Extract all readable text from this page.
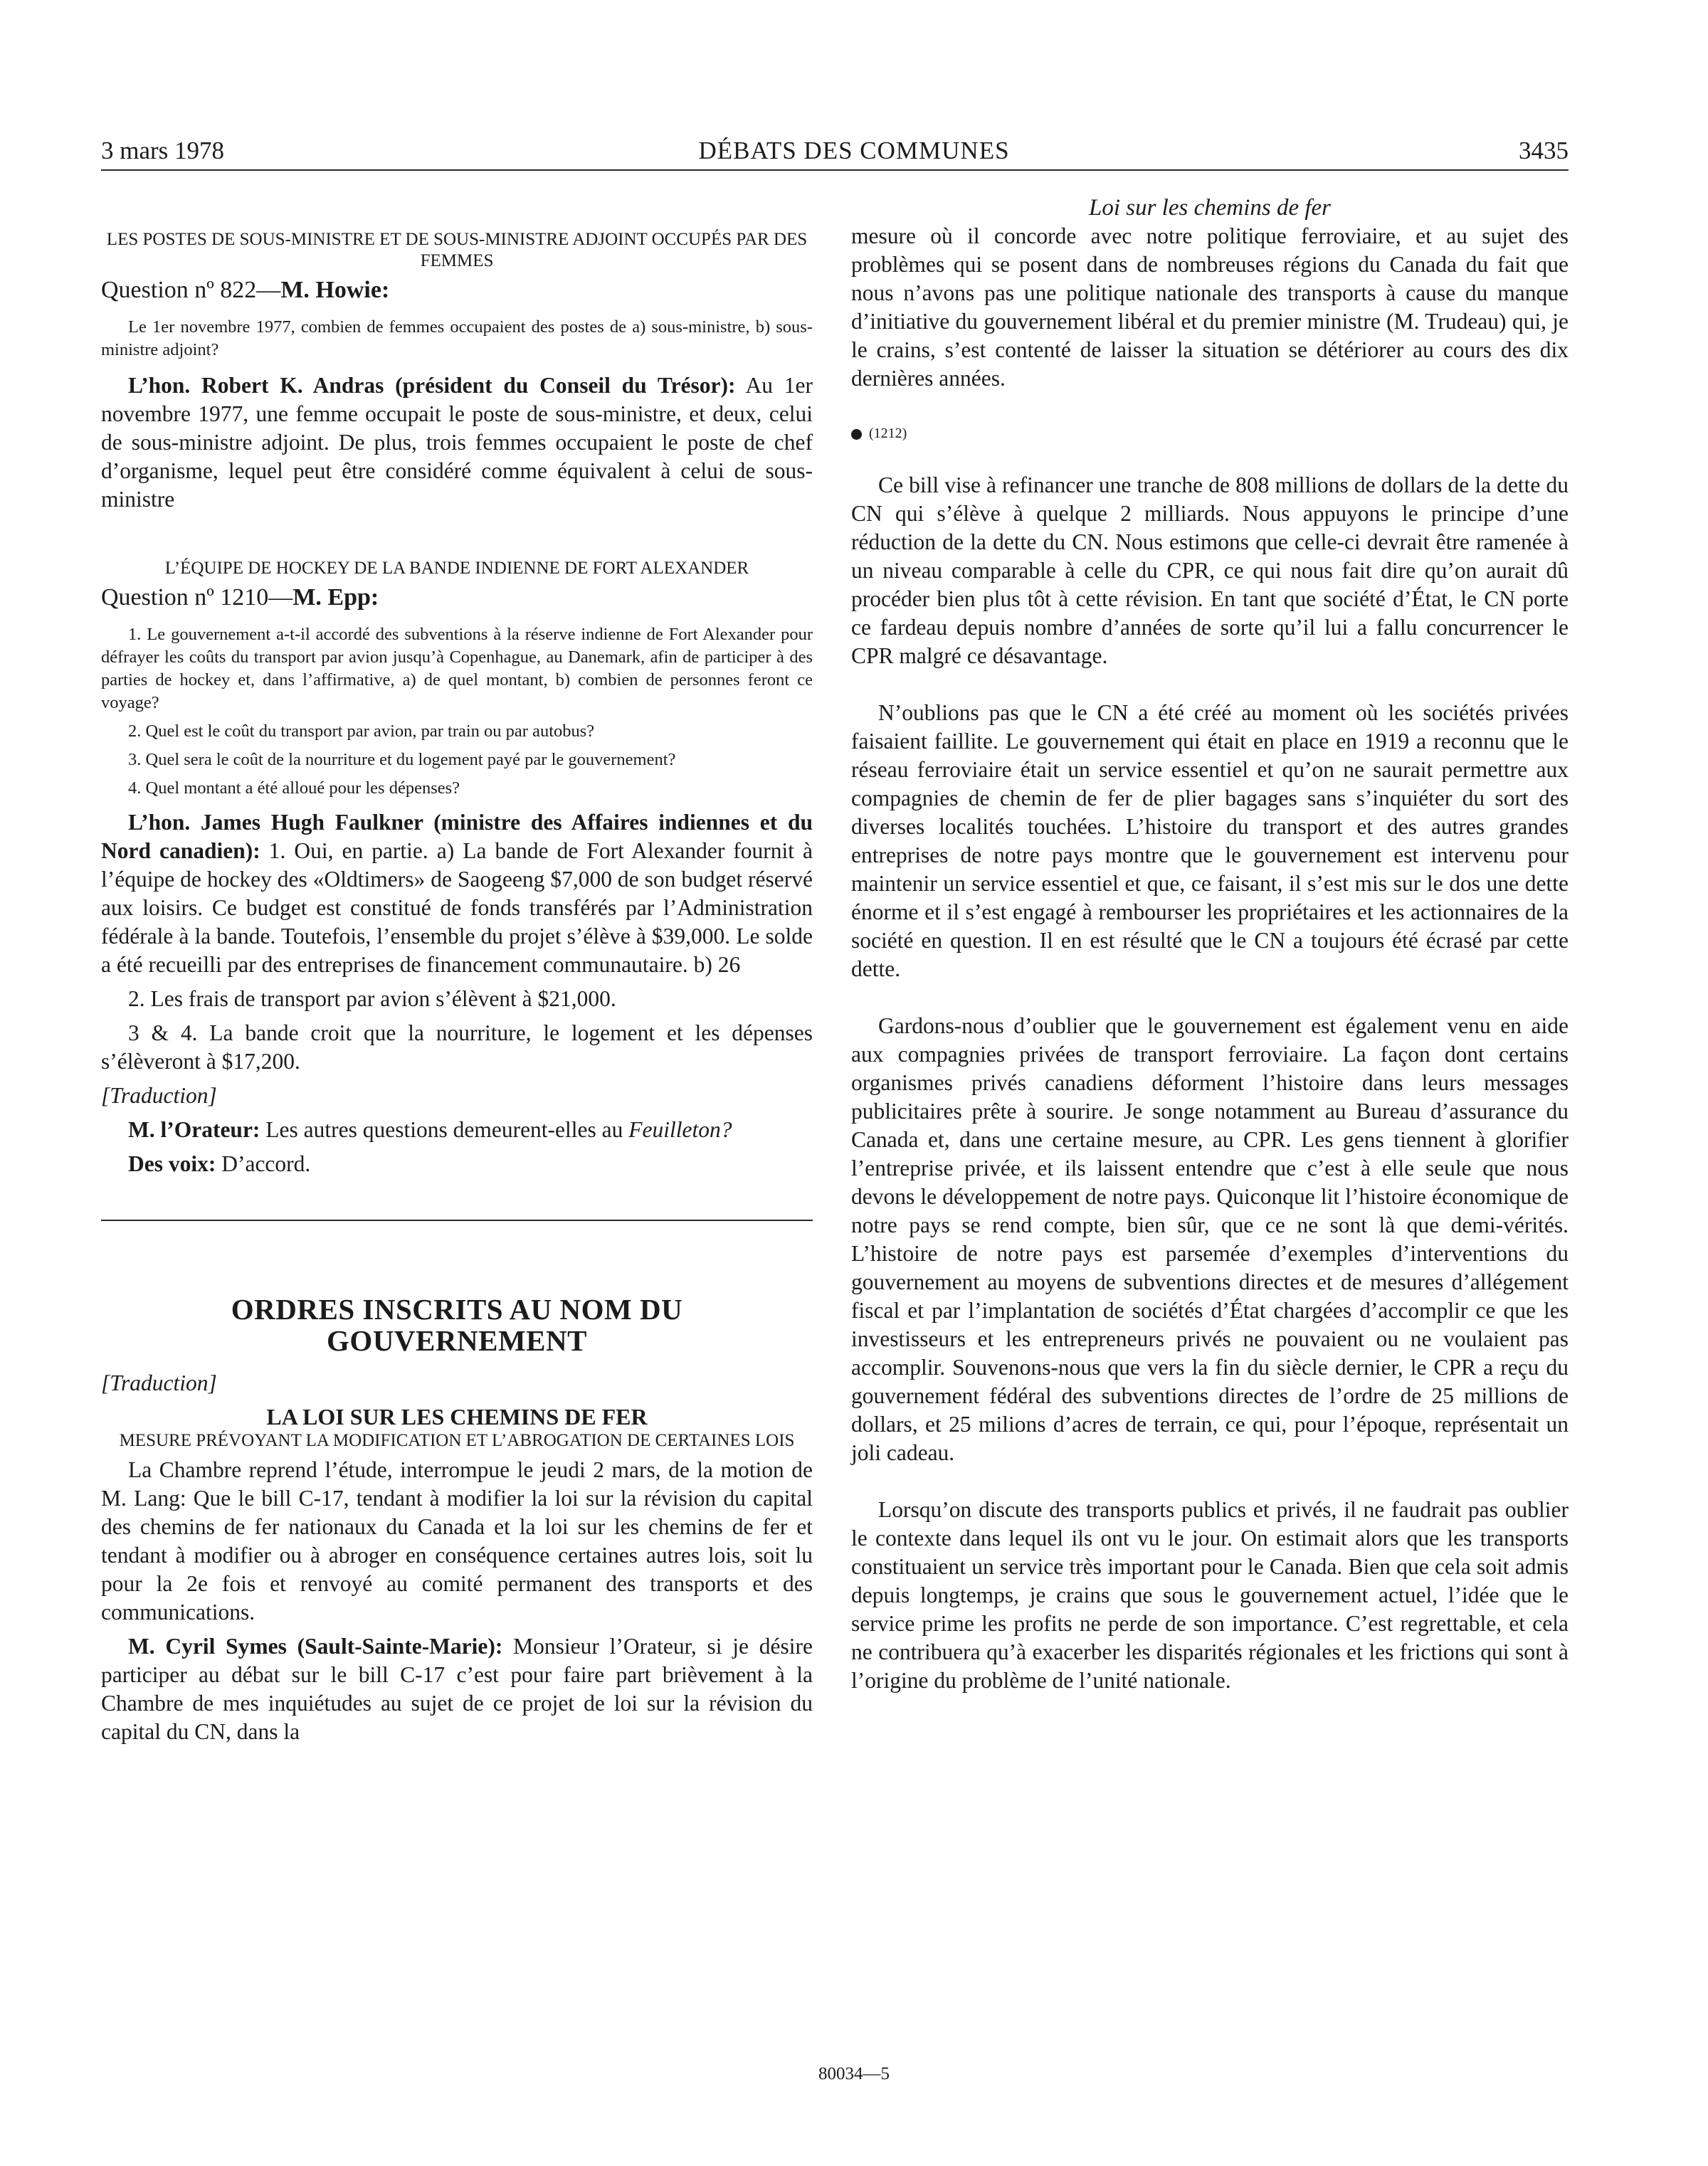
3 mars 1978	DÉBATS DES COMMUNES	3435

LES POSTES DE SOUS-MINISTRE ET DE SOUS-MINISTRE ADJOINT OCCUPÉS PAR DES FEMMES

Question nº 822—M. Howie:

Le 1er novembre 1977, combien de femmes occupaient des postes de a) sous-ministre, b) sous-ministre adjoint?

L’hon. Robert K. Andras (président du Conseil du Trésor): Au 1er novembre 1977, une femme occupait le poste de sous-ministre, et deux, celui de sous-ministre adjoint. De plus, trois femmes occupaient le poste de chef d’organisme, lequel peut être considéré comme équivalent à celui de sous-ministre

L’ÉQUIPE DE HOCKEY DE LA BANDE INDIENNE DE FORT ALEXANDER

Question nº 1210—M. Epp:

1. Le gouvernement a-t-il accordé des subventions à la réserve indienne de Fort Alexander pour défrayer les coûts du transport par avion jusqu’à Copenhague, au Danemark, afin de participer à des parties de hockey et, dans l’affirmative, a) de quel montant, b) combien de personnes feront ce voyage?

2. Quel est le coût du transport par avion, par train ou par autobus?

3. Quel sera le coût de la nourriture et du logement payé par le gouvernement?

4. Quel montant a été alloué pour les dépenses?

L’hon. James Hugh Faulkner (ministre des Affaires indiennes et du Nord canadien): 1. Oui, en partie. a) La bande de Fort Alexander fournit à l’équipe de hockey des «Oldtimers» de Saogeeng $7,000 de son budget réservé aux loisirs. Ce budget est constitué de fonds transférés par l’Administration fédérale à la bande. Toutefois, l’ensemble du projet s’élève à $39,000. Le solde a été recueilli par des entreprises de financement communautaire. b) 26

2. Les frais de transport par avion s’élèvent à $21,000.

3 & 4. La bande croit que la nourriture, le logement et les dépenses s’élèveront à $17,200.

[Traduction]

M. l’Orateur: Les autres questions demeurent-elles au Feuilleton?

Des voix: D’accord.

ORDRES INSCRITS AU NOM DU GOUVERNEMENT

[Traduction]

LA LOI SUR LES CHEMINS DE FER

MESURE PRÉVOYANT LA MODIFICATION ET L’ABROGATION DE CERTAINES LOIS

La Chambre reprend l’étude, interrompue le jeudi 2 mars, de la motion de M. Lang: Que le bill C-17, tendant à modifier la loi sur la révision du capital des chemins de fer nationaux du Canada et la loi sur les chemins de fer et tendant à modifier ou à abroger en conséquence certaines autres lois, soit lu pour la 2e fois et renvoyé au comité permanent des transports et des communications.

M. Cyril Symes (Sault-Sainte-Marie): Monsieur l’Orateur, si je désire participer au débat sur le bill C-17 c’est pour faire part brièvement à la Chambre de mes inquiétudes au sujet de ce projet de loi sur la révision du capital du CN, dans la

Loi sur les chemins de fer

mesure où il concorde avec notre politique ferroviaire, et au sujet des problèmes qui se posent dans de nombreuses régions du Canada du fait que nous n’avons pas une politique nationale des transports à cause du manque d’initiative du gouvernement libéral et du premier ministre (M. Trudeau) qui, je le crains, s’est contenté de laisser la situation se détériorer au cours des dix dernières années.

(1212)

Ce bill vise à refinancer une tranche de 808 millions de dollars de la dette du CN qui s’élève à quelque 2 milliards. Nous appuyons le principe d’une réduction de la dette du CN. Nous estimons que celle-ci devrait être ramenée à un niveau comparable à celle du CPR, ce qui nous fait dire qu’on aurait dû procéder bien plus tôt à cette révision. En tant que société d’État, le CN porte ce fardeau depuis nombre d’années de sorte qu’il lui a fallu concurrencer le CPR malgré ce désavantage.

N’oublions pas que le CN a été créé au moment où les sociétés privées faisaient faillite. Le gouvernement qui était en place en 1919 a reconnu que le réseau ferroviaire était un service essentiel et qu’on ne saurait permettre aux compagnies de chemin de fer de plier bagages sans s’inquiéter du sort des diverses localités touchées. L’histoire du transport et des autres grandes entreprises de notre pays montre que le gouvernement est intervenu pour maintenir un service essentiel et que, ce faisant, il s’est mis sur le dos une dette énorme et il s’est engagé à rembourser les propriétaires et les actionnaires de la société en question. Il en est résulté que le CN a toujours été écrasé par cette dette.

Gardons-nous d’oublier que le gouvernement est également venu en aide aux compagnies privées de transport ferroviaire. La façon dont certains organismes privés canadiens déforment l’histoire dans leurs messages publicitaires prête à sourire. Je songe notamment au Bureau d’assurance du Canada et, dans une certaine mesure, au CPR. Les gens tiennent à glorifier l’entreprise privée, et ils laissent entendre que c’est à elle seule que nous devons le développement de notre pays. Quiconque lit l’histoire économique de notre pays se rend compte, bien sûr, que ce ne sont là que demi-vérités. L’histoire de notre pays est parsemée d’exemples d’interventions du gouvernement au moyens de subventions directes et de mesures d’allégement fiscal et par l’implantation de sociétés d’État chargées d’accomplir ce que les investisseurs et les entrepreneurs privés ne pouvaient ou ne voulaient pas accomplir. Souvenons-nous que vers la fin du siècle dernier, le CPR a reçu du gouvernement fédéral des subventions directes de l’ordre de 25 millions de dollars, et 25 milions d’acres de terrain, ce qui, pour l’époque, représentait un joli cadeau.

Lorsqu’on discute des transports publics et privés, il ne faudrait pas oublier le contexte dans lequel ils ont vu le jour. On estimait alors que les transports constituaient un service très important pour le Canada. Bien que cela soit admis depuis longtemps, je crains que sous le gouvernement actuel, l’idée que le service prime les profits ne perde de son importance. C’est regrettable, et cela ne contribuera qu’à exacerber les disparités régionales et les frictions qui sont à l’origine du problème de l’unité nationale.

80034—5
